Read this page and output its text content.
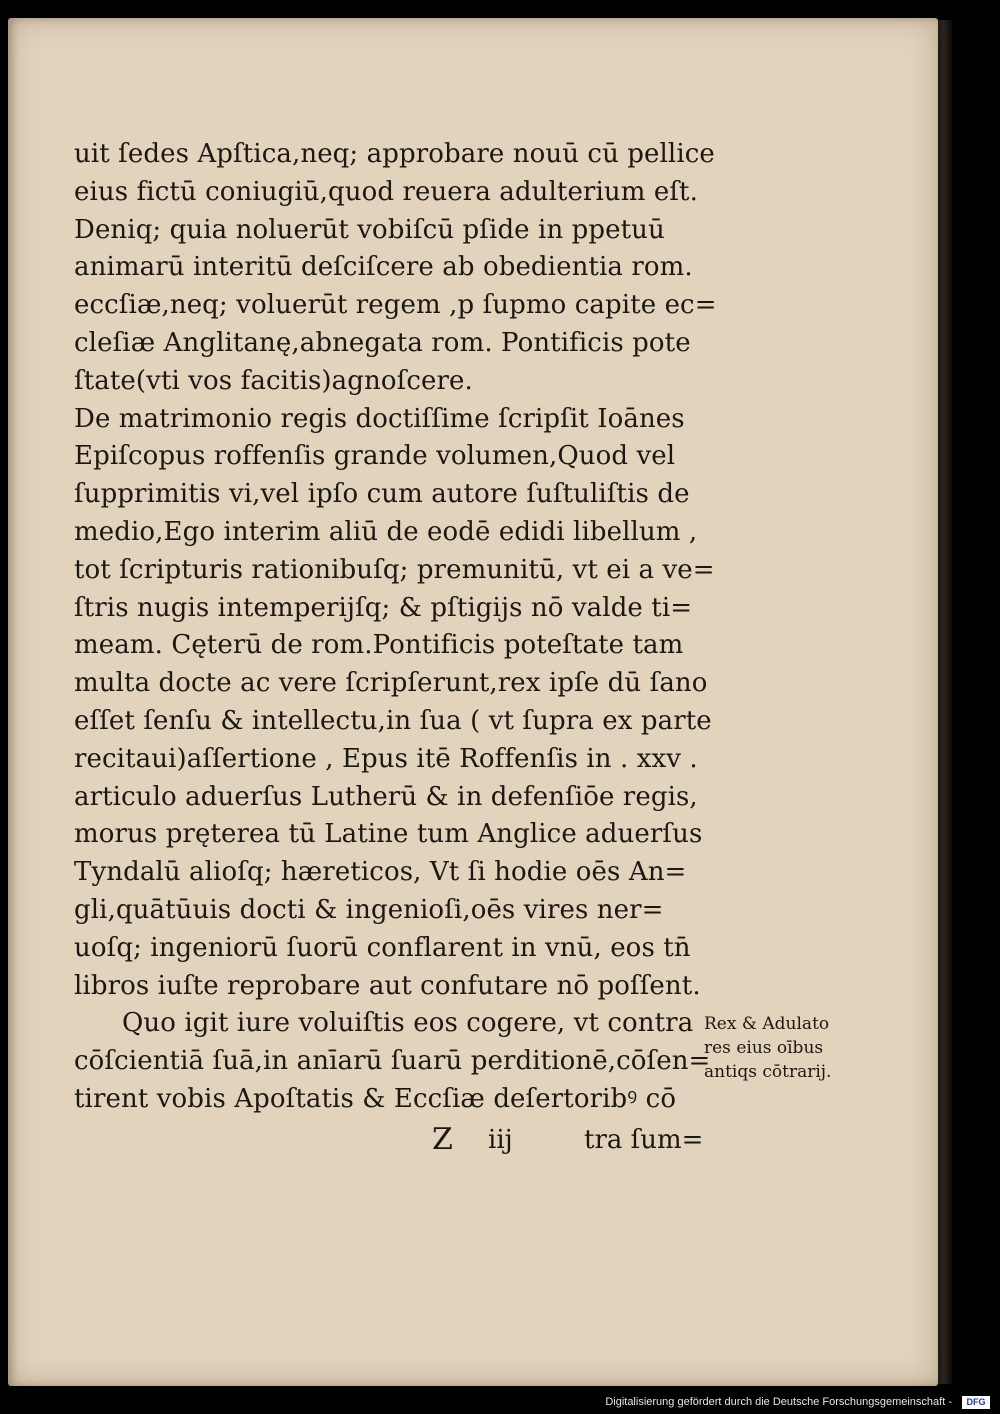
uit ſedes Apſtica,neq; approbare nouū cū pellice
eius fictū coniugiū,quod reuera adulterium eſt.
Deniq; quia noluerūt vobiſcū pſide in ppetuū
animarū interitū deſciſcere ab obedientia rom.
eccſiæ,neq; voluerūt regem ,p ſupmo capite ec=
cleſiæ Anglitanę,abnegata rom. Pontificis pote
ſtate(vti vos facitis)agnoſcere.
De matrimonio regis doctiſſime ſcripſit Ioānes
Epiſcopus roffenſis grande volumen,Quod vel
ſupprimitis vi,vel ipſo cum autore ſuſtuliſtis de
medio,Ego interim aliū de eodē edidi libellum ,
tot ſcripturis rationibuſq; premunitū, vt ei a ve=
ſtris nugis intemperijſq; & pſtigijs nō valde ti=
meam. Cęterū de rom.Pontificis poteſtate tam
multa docte ac vere ſcripſerunt,rex ipſe dū ſano
eſſet ſenſu & intellectu,in ſua ( vt ſupra ex parte
recitaui)aſſertione , Epus itē Roffenſis in . xxv .
articulo aduerſus Lutherū & in defenſiōe regis,
morus pręterea tū Latine tum Anglice aduerſus
Tyndalū alioſq; hæreticos, Vt ſi hodie oēs An=
gli,quātūuis docti & ingenioſi,oēs vires ner=
uoſq; ingeniorū ſuorū conflarent in vnū, eos tn̄
libros iuſte reprobare aut confutare nō poſſent.
Quo igit iure voluiſtis eos cogere, vt contra
cōſcientiā ſuā,in anīarū ſuarū perditionē,cōſen=
tirent vobis Apoſtatis & Eccſiæ deſertoribꝰ cō
Rex & Adulato
res eius oībus
antiqs cōtrarij.
Z iij	tra ſum=
Digitalisierung gefördert durch die Deutsche Forschungsgemeinschaft -	DFG
